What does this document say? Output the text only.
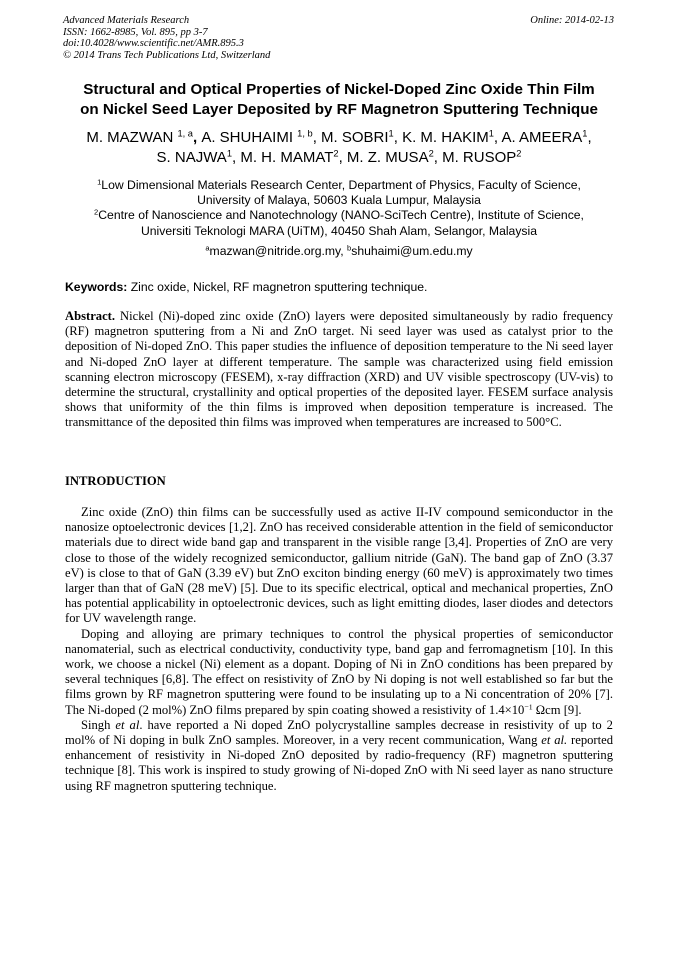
Advanced Materials Research
ISSN: 1662-8985, Vol. 895, pp 3-7
doi:10.4028/www.scientific.net/AMR.895.3
© 2014 Trans Tech Publications Ltd, Switzerland
Online: 2014-02-13
Structural and Optical Properties of Nickel-Doped Zinc Oxide Thin Film
on Nickel Seed Layer Deposited by RF Magnetron Sputtering Technique
M. MAZWAN $^{1, a}$, A. SHUHAIMI $^{1, b}$, M. SOBRI$^1$, K. M. HAKIM$^1$, A. AMEERA$^1$,
S. NAJWA$^1$, M. H. MAMAT$^2$, M. Z. MUSA$^2$, M. RUSOP$^2$
$^1$Low Dimensional Materials Research Center, Department of Physics, Faculty of Science,
University of Malaya, 50603 Kuala Lumpur, Malaysia
$^2$Centre of Nanoscience and Nanotechnology (NANO-SciTech Centre), Institute of Science,
Universiti Teknologi MARA (UiTM), 40450 Shah Alam, Selangor, Malaysia
$^a$mazwan@nitride.org.my, $^b$shuhaimi@um.edu.my
Keywords: Zinc oxide, Nickel, RF magnetron sputtering technique.
Abstract. Nickel (Ni)-doped zinc oxide (ZnO) layers were deposited simultaneously by radio frequency (RF) magnetron sputtering from a Ni and ZnO target. Ni seed layer was used as catalyst prior to the deposition of Ni-doped ZnO. This paper studies the influence of deposition temperature to the Ni seed layer and Ni-doped ZnO layer at different temperature. The sample was characterized using field emission scanning electron microscopy (FESEM), x-ray diffraction (XRD) and UV visible spectroscopy (UV-vis) to determine the structural, crystallinity and optical properties of the deposited layer. FESEM surface analysis shows that uniformity of the thin films is improved when deposition temperature is increased. The transmittance of the deposited thin films was improved when temperatures are increased to 500°C.
INTRODUCTION

Zinc oxide (ZnO) thin films can be successfully used as active II-IV compound semiconductor in the nanosize optoelectronic devices [1,2]. ZnO has received considerable attention in the field of semiconductor materials due to direct wide band gap and transparent in the visible range [3,4]. Properties of ZnO are very close to those of the widely recognized semiconductor, gallium nitride (GaN). The band gap of ZnO (3.37 eV) is close to that of GaN (3.39 eV) but ZnO exciton binding energy (60 meV) is approximately two times larger than that of GaN (28 meV) [5]. Due to its specific electrical, optical and mechanical properties, ZnO has potential applicability in optoelectronic devices, such as light emitting diodes, laser diodes and detectors for UV wavelength range.

Doping and alloying are primary techniques to control the physical properties of semiconductor nanomaterial, such as electrical conductivity, conductivity type, band gap and ferromagnetism [10]. In this work, we choose a nickel (Ni) element as a dopant. Doping of Ni in ZnO conditions has been prepared by several techniques [6,8]. The effect on resistivity of ZnO by Ni doping is not well established so far but the films grown by RF magnetron sputtering were found to be insulating up to a Ni concentration of 20% [7]. The Ni-doped (2 mol%) ZnO films prepared by spin coating showed a resistivity of $1.4\times 10^{-1}$ Ωcm [9].

Singh et al. have reported a Ni doped ZnO polycrystalline samples decrease in resistivity of up to 2 mol% of Ni doping in bulk ZnO samples. Moreover, in a very recent communication, Wang et al. reported enhancement of resistivity in Ni-doped ZnO deposited by radio-frequency (RF) magnetron sputtering technique [8]. This work is inspired to study growing of Ni-doped ZnO with Ni seed layer as nano structure using RF magnetron sputtering technique.
